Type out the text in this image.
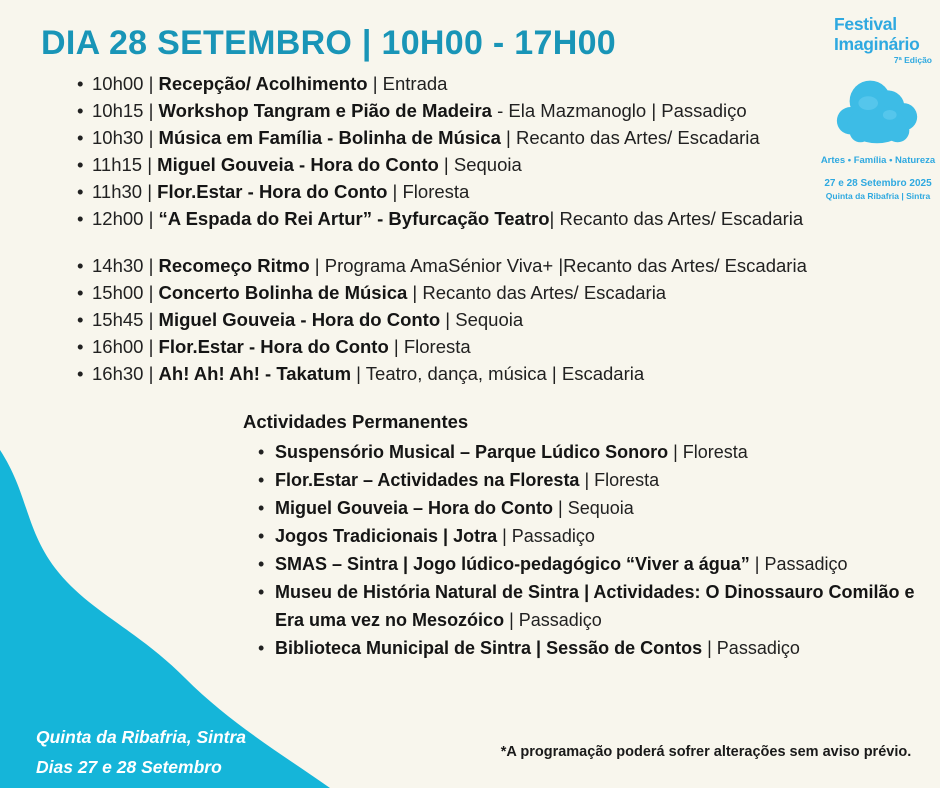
DIA 28 SETEMBRO | 10H00 - 17H00	Festival
Imaginário
7ª Edição
Artes • Família • Natureza
27 e 28 Setembro 2025
Quinta da Ribafria | Sintra
• 10h00 | Recepção/ Acolhimento | Entrada
• 10h15 | Workshop Tangram e Pião de Madeira - Ela Mazmanoglo | Passadiço
• 10h30 | Música em Família - Bolinha de Música | Recanto das Artes/ Escadaria
• 11h15 | Miguel Gouveia - Hora do Conto | Sequoia
• 11h30 | Flor.Estar - Hora do Conto | Floresta
• 12h00 | “A Espada do Rei Artur” - Byfurcação Teatro| Recanto das Artes/ Escadaria
• 14h30 | Recomeço Ritmo | Programa AmaSénior Viva+ |Recanto das Artes/ Escadaria
• 15h00 | Concerto Bolinha de Música | Recanto das Artes/ Escadaria
• 15h45 | Miguel Gouveia - Hora do Conto | Sequoia
• 16h00 | Flor.Estar - Hora do Conto | Floresta
• 16h30 | Ah! Ah! Ah! - Takatum | Teatro, dança, música | Escadaria
Actividades Permanentes
• Suspensório Musical – Parque Lúdico Sonoro | Floresta
• Flor.Estar – Actividades na Floresta | Floresta
• Miguel Gouveia – Hora do Conto | Sequoia
• Jogos Tradicionais | Jotra | Passadiço
• SMAS – Sintra | Jogo lúdico-pedagógico “Viver a água” | Passadiço
• Museu de História Natural de Sintra | Actividades: O Dinossauro Comilão e Era uma vez no Mesozóico | Passadiço
• Biblioteca Municipal de Sintra | Sessão de Contos | Passadiço
Quinta da Ribafria, Sintra
Dias 27 e 28 Setembro
*A programação poderá sofrer alterações sem aviso prévio.
